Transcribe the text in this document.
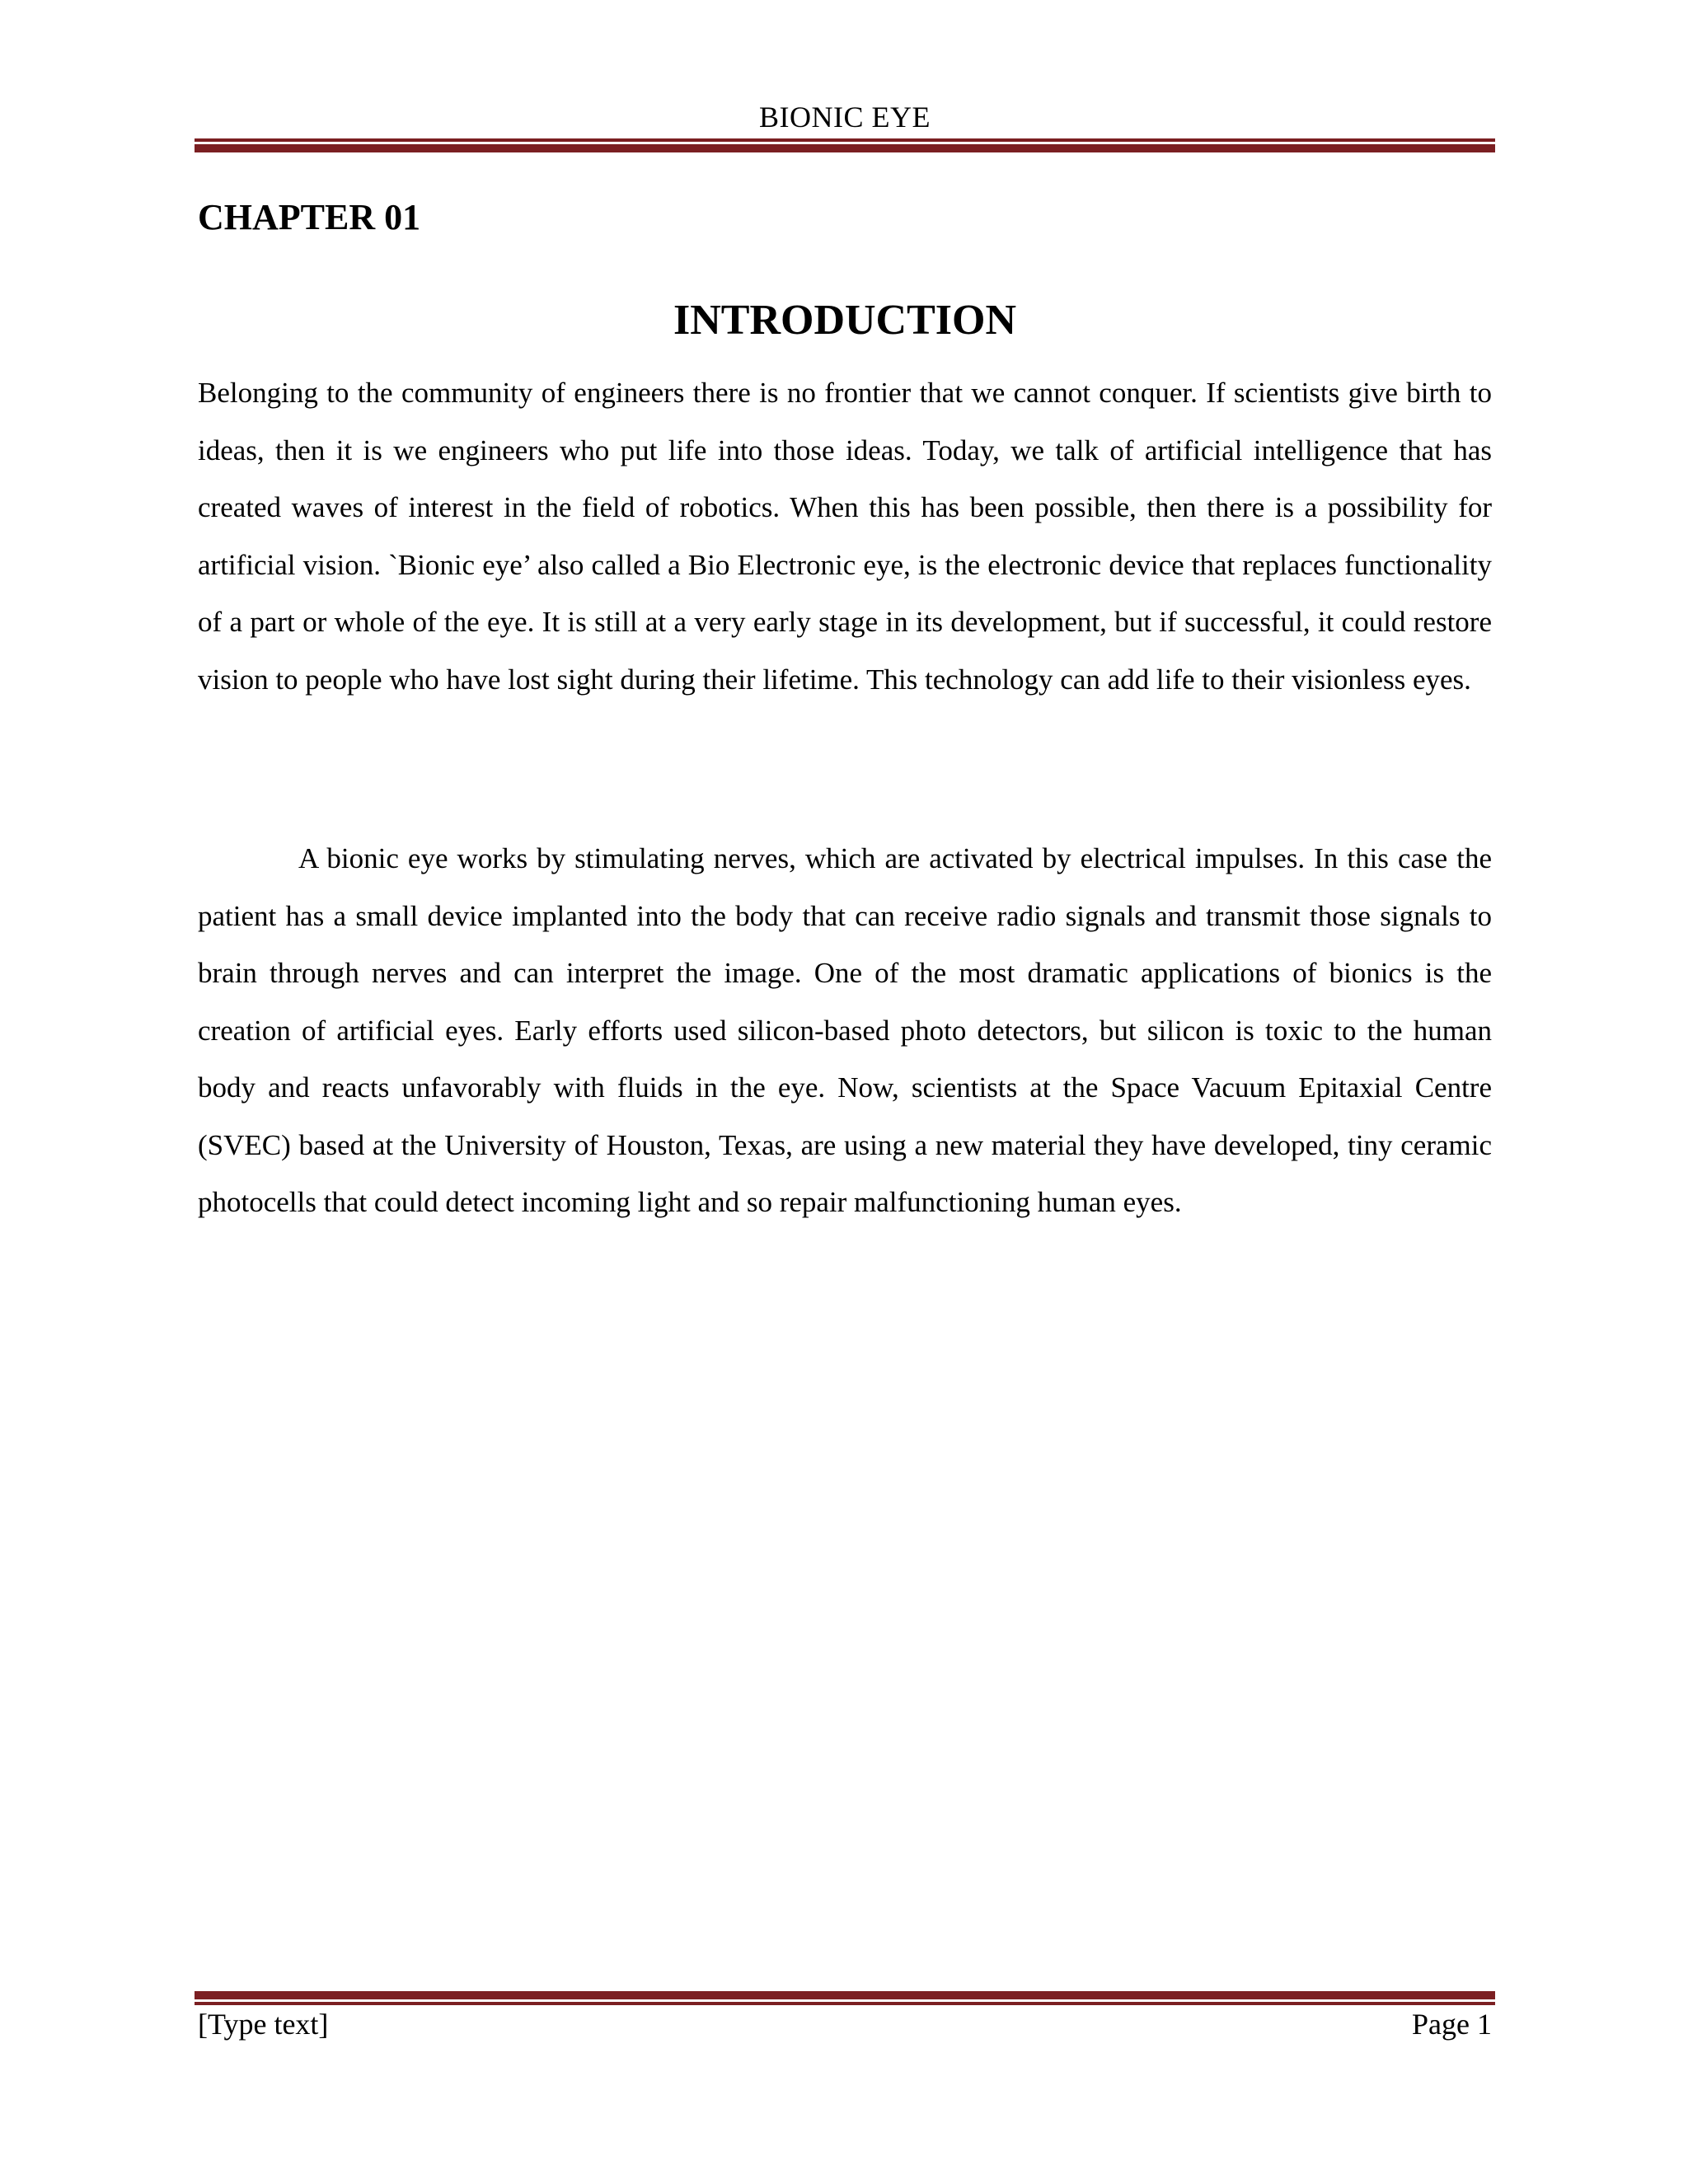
BIONIC EYE
CHAPTER 01
INTRODUCTION

Belonging to the community of engineers there is no frontier that we cannot conquer. If scientists give birth to ideas, then it is we engineers who put life into those ideas. Today, we talk of artificial intelligence that has created waves of interest in the field of robotics. When this has been possible, then there is a possibility for artificial vision. `Bionic eye’ also called a Bio Electronic eye, is the electronic device that replaces functionality of a part or whole of the eye. It is still at a very early stage in its development, but if successful, it could restore vision to people who have lost sight during their lifetime. This technology can add life to their visionless eyes.

A bionic eye works by stimulating nerves, which are activated by electrical impulses. In this case the patient has a small device implanted into the body that can receive radio signals and transmit those signals to brain through nerves and can interpret the image. One of the most dramatic applications of bionics is the creation of artificial eyes. Early efforts used silicon-based photo detectors, but silicon is toxic to the human body and reacts unfavorably with fluids in the eye. Now, scientists at the Space Vacuum Epitaxial Centre (SVEC) based at the University of Houston, Texas, are using a new material they have developed, tiny ceramic photocells that could detect incoming light and so repair malfunctioning human eyes.

[Type text]	Page 1
